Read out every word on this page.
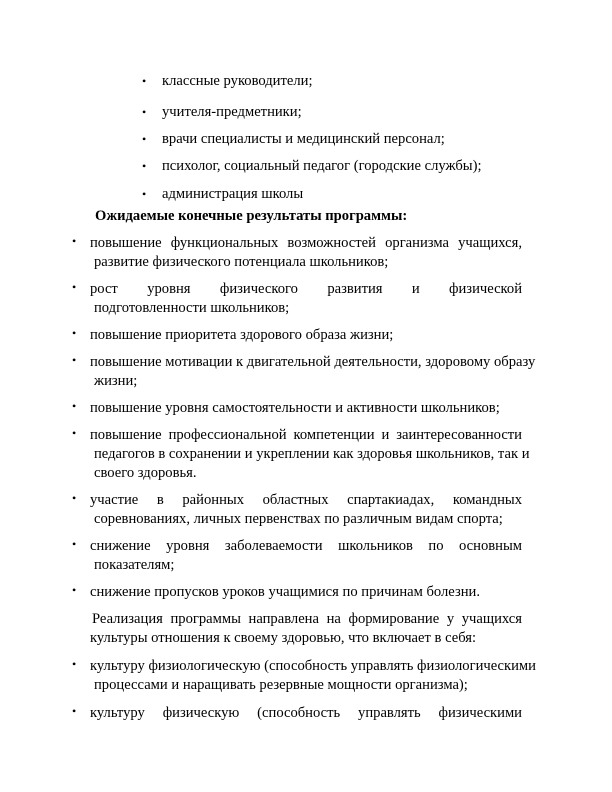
• классные руководители;
• учителя-предметники;
• врачи специалисты и медицинский персонал;
• психолог, социальный педагог (городские службы);
• администрация школы
Ожидаемые конечные результаты программы:
• повышение функциональных возможностей организма учащихся,
развитие физического потенциала школьников;
• рост уровня физического развития и физической
подготовленности школьников;
• повышение приоритета здорового образа жизни;
• повышение мотивации к двигательной деятельности, здоровому образу
жизни;
• повышение уровня самостоятельности и активности школьников;
• повышение профессиональной компетенции и заинтересованности
педагогов в сохранении и укреплении как здоровья школьников, так и
своего здоровья.
• участие в районных областных спартакиадах, командных
соревнованиях, личных первенствах по различным видам спорта;
• снижение уровня заболеваемости школьников по основным
показателям;
• снижение пропусков уроков учащимися по причинам болезни.
Реализация программы направлена на формирование у учащихся
культуры отношения к своему здоровью, что включает в себя:
• культуру физиологическую (способность управлять физиологическими
процессами и наращивать резервные мощности организма);
• культуру физическую (способность управлять физическими
